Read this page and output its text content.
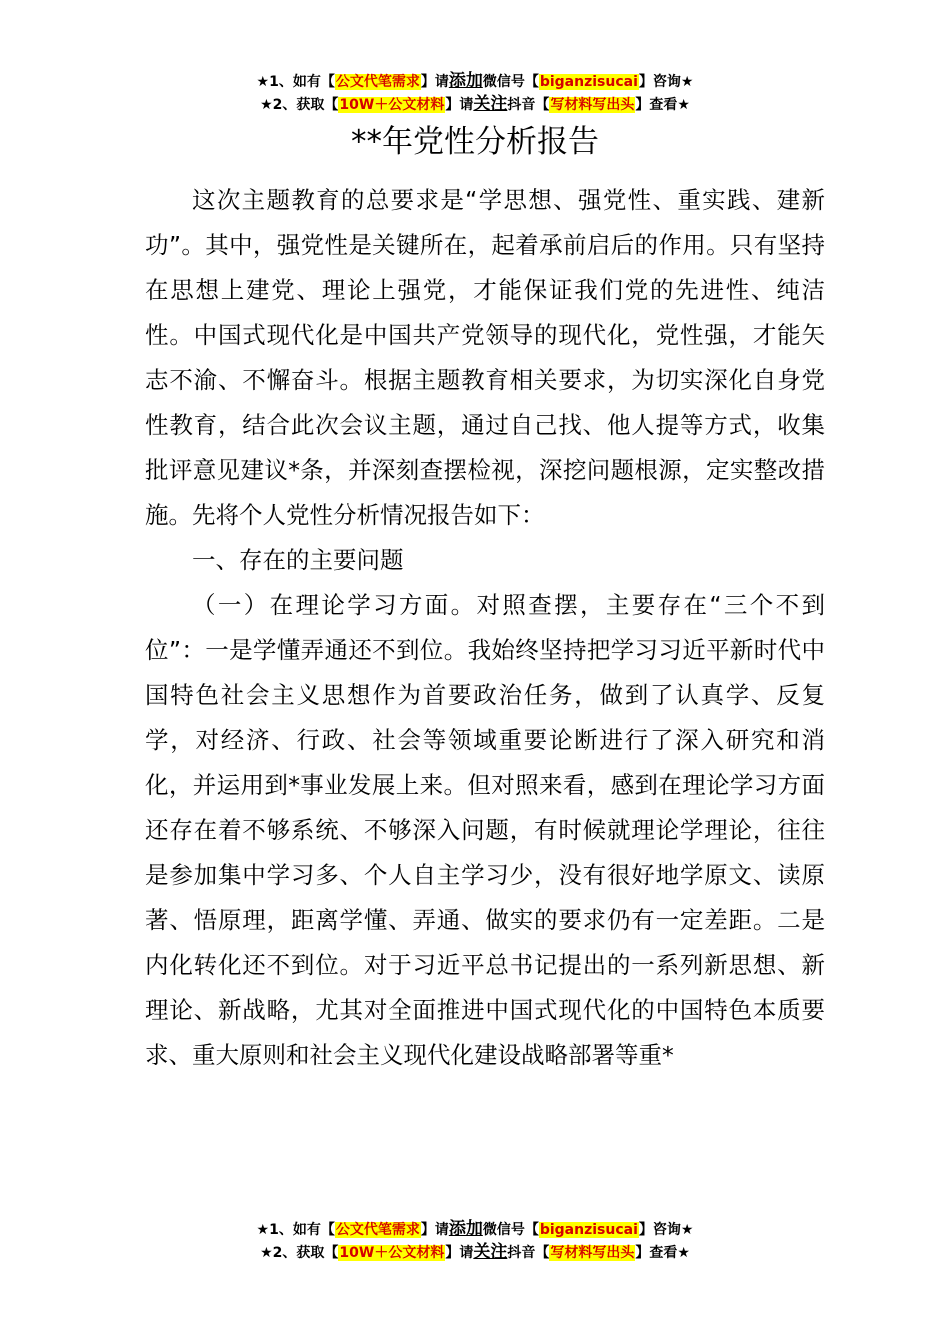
★1、如有【公文代笔需求】请添加微信号【biganzisucai】咨询★
★2、获取【10W＋公文材料】请关注抖音【写材料写出头】查看★
**年党性分析报告

这次主题教育的总要求是“学思想、强党性、重实践、建新功”。其中，强党性是关键所在，起着承前启后的作用。只有坚持在思想上建党、理论上强党，才能保证我们党的先进性、纯洁性。中国式现代化是中国共产党领导的现代化，党性强，才能矢志不渝、不懈奋斗。根据主题教育相关要求，为切实深化自身党性教育，结合此次会议主题，通过自己找、他人提等方式，收集批评意见建议*条，并深刻查摆检视，深挖问题根源，定实整改措施。先将个人党性分析情况报告如下：

一、存在的主要问题

（一）在理论学习方面。对照查摆，主要存在“三个不到位”：一是学懂弄通还不到位。我始终坚持把学习习近平新时代中国特色社会主义思想作为首要政治任务，做到了认真学、反复学，对经济、行政、社会等领域重要论断进行了深入研究和消化，并运用到*事业发展上来。但对照来看，感到在理论学习方面还存在着不够系统、不够深入问题，有时候就理论学理论，往往是参加集中学习多、个人自主学习少，没有很好地学原文、读原著、悟原理，距离学懂、弄通、做实的要求仍有一定差距。二是内化转化还不到位。对于习近平总书记提出的一系列新思想、新理论、新战略，尤其对全面推进中国式现代化的中国特色本质要求、重大原则和社会主义现代化建设战略部署等重*

★1、如有【公文代笔需求】请添加微信号【biganzisucai】咨询★
★2、获取【10W＋公文材料】请关注抖音【写材料写出头】查看★
